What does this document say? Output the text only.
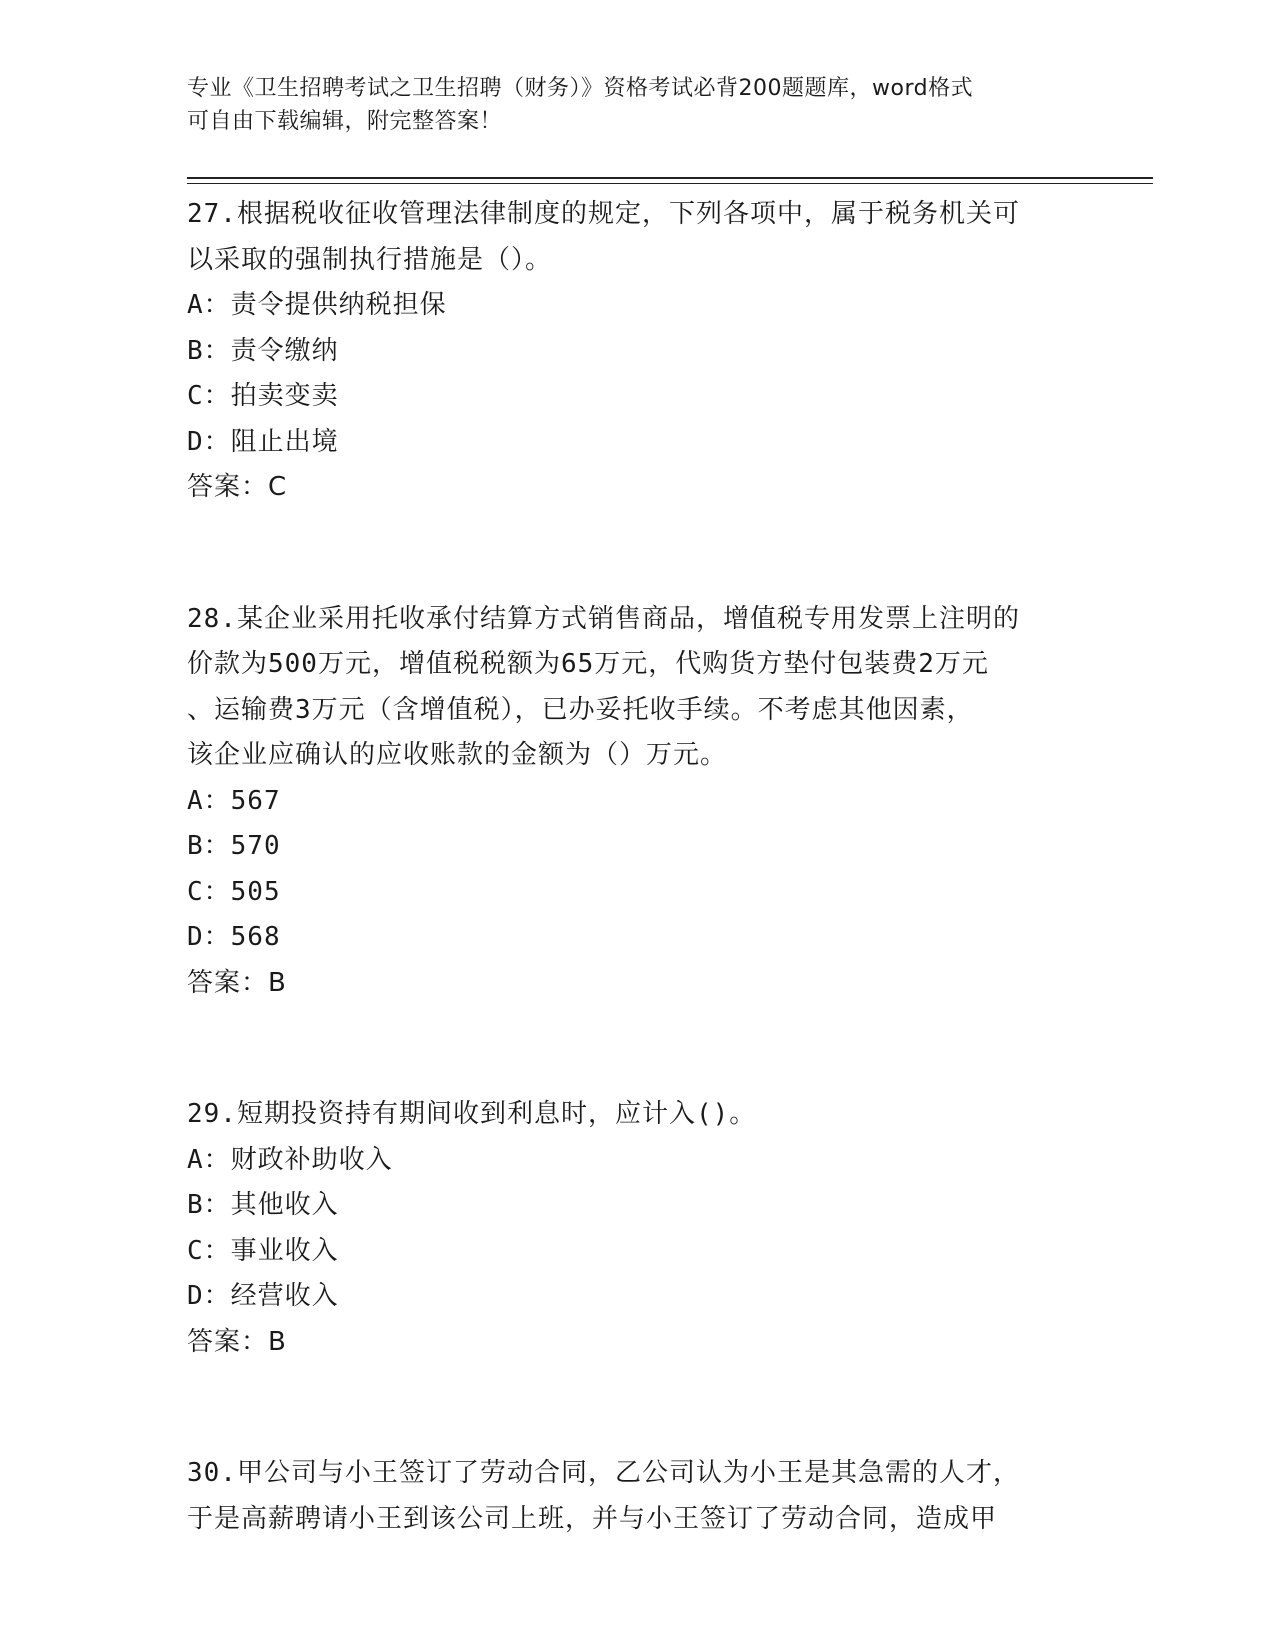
专业《卫生招聘考试之卫生招聘（财务）》资格考试必背200题题库，word格式
可自由下载编辑，附完整答案！
27.根据税收征收管理法律制度的规定，下列各项中，属于税务机关可
以采取的强制执行措施是（）。
A：责令提供纳税担保
B：责令缴纳
C：拍卖变卖
D：阻止出境
答案：C
28.某企业采用托收承付结算方式销售商品，增值税专用发票上注明的
价款为500万元，增值税税额为65万元，代购货方垫付包装费2万元
、运输费3万元（含增值税），已办妥托收手续。不考虑其他因素，
该企业应确认的应收账款的金额为（）万元。
A：567
B：570
C：505
D：568
答案：B
29.短期投资持有期间收到利息时，应计入()。
A：财政补助收入
B：其他收入
C：事业收入
D：经营收入
答案：B
30.甲公司与小王签订了劳动合同，乙公司认为小王是其急需的人才，
于是高薪聘请小王到该公司上班，并与小王签订了劳动合同，造成甲
